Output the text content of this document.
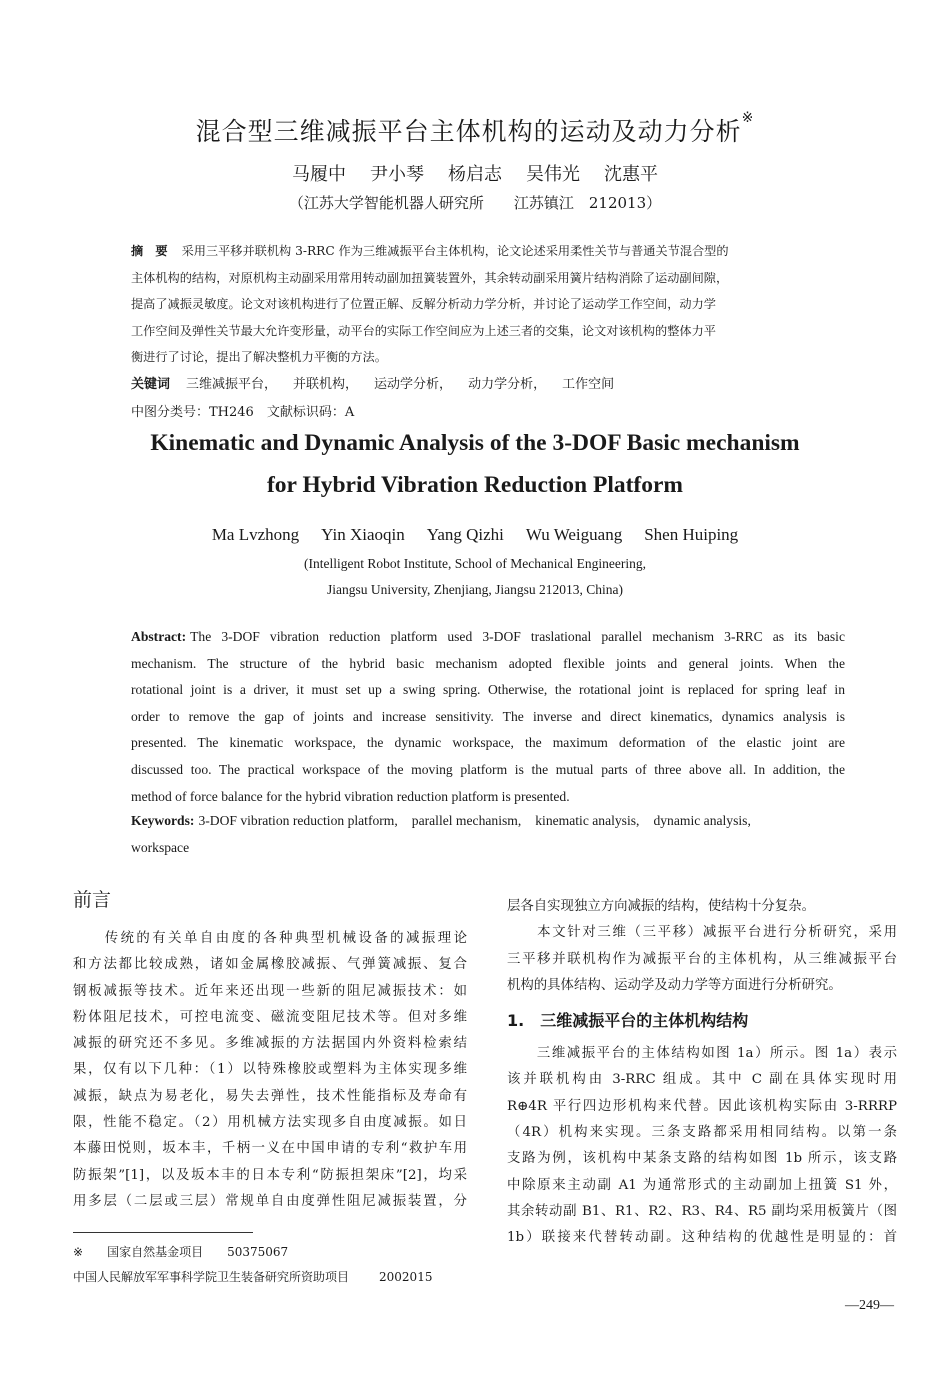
混合型三维减振平台主体机构的运动及动力分析※
马履中 尹小琴 杨启志 吴伟光 沈惠平
（江苏大学智能机器人研究所　　江苏镇江　212013）
摘　要 采用三平移并联机构 3-RRC 作为三维减振平台主体机构，论文论述采用柔性关节与普通关节混合型的
主体机构的结构，对原机构主动副采用常用转动副加扭簧装置外，其余转动副采用簧片结构消除了运动副间隙，
提高了减振灵敏度。论文对该机构进行了位置正解、反解分析动力学分析，并讨论了运动学工作空间，动力学
工作空间及弹性关节最大允许变形量，动平台的实际工作空间应为上述三者的交集，论文对该机构的整体力平
衡进行了讨论，提出了解决整机力平衡的方法。
关键词 三维减振平台， 并联机构， 运动学分析， 动力学分析， 工作空间
中图分类号：TH246　文献标识码：A
Kinematic and Dynamic Analysis of the 3-DOF Basic mechanism
for Hybrid Vibration Reduction Platform
Ma Lvzhong Yin Xiaoqin Yang Qizhi Wu Weiguang Shen Huiping
(Intelligent Robot Institute, School of Mechanical Engineering,
Jiangsu University, Zhenjiang, Jiangsu 212013, China)
Abstract: The 3-DOF vibration reduction platform used 3-DOF traslational parallel mechanism 3-RRC as its basic
mechanism. The structure of the hybrid basic mechanism adopted flexible joints and general joints. When the
rotational joint is a driver, it must set up a swing spring. Otherwise, the rotational joint is replaced for spring leaf in
order to remove the gap of joints and increase sensitivity. The inverse and direct kinematics, dynamics analysis is
presented. The kinematic workspace, the dynamic workspace, the maximum deformation of the elastic joint are
discussed too. The practical workspace of the moving platform is the mutual parts of three above all. In addition, the
method of force balance for the hybrid vibration reduction platform is presented.
Keywords: 3-DOF vibration reduction platform, parallel mechanism, kinematic analysis, dynamic analysis,
workspace
前言
　　传统的有关单自由度的各种典型机械设备的减振理论
和方法都比较成熟，诸如金属橡胶减振、气弹簧减振、复合
钢板减振等技术。近年来还出现一些新的阻尼减振技术：如
粉体阻尼技术，可控电流变、磁流变阻尼技术等。但对多维
减振的研究还不多见。多维减振的方法据国内外资料检索结
果，仅有以下几种：（1）以特殊橡胶或塑料为主体实现多维
减振，缺点为易老化，易失去弹性，技术性能指标及寿命有
限，性能不稳定。（2）用机械方法实现多自由度减振。如日
本藤田悦则，坂本丰，千柄一义在中国申请的专利“救护车用
防振架”[1]，以及坂本丰的日本专利“防振担架床”[2]，均采
用多层（二层或三层）常规单自由度弹性阻尼减振装置，分
层各自实现独立方向减振的结构，使结构十分复杂。
　　本文针对三维（三平移）减振平台进行分析研究，采用
三平移并联机构作为减振平台的主体机构，从三维减振平台
机构的具体结构、运动学及动力学等方面进行分析研究。
1.　三维减振平台的主体机构结构
　　三维减振平台的主体结构如图 1a）所示。图 1a）表示
该并联机构由 3-RRC 组成。其中 C 副在具体实现时用
R⊕4R 平行四边形机构来代替。因此该机构实际由 3-RRRP
（4R）机构来实现。三条支路都采用相同结构。以第一条
支路为例，该机构中某条支路的结构如图 1b 所示，该支路
中除原来主动副 A1 为通常形式的主动副加上扭簧 S1 外，
其余转动副 B1、R1、R2、R3、R4、R5 副均采用板簧片（图
1b）联接来代替转动副。这种结构的优越性是明显的：首
※ 国家自然基金项目 50375067
中国人民解放军军事科学院卫生装备研究所资助项目	2002015
—249—
